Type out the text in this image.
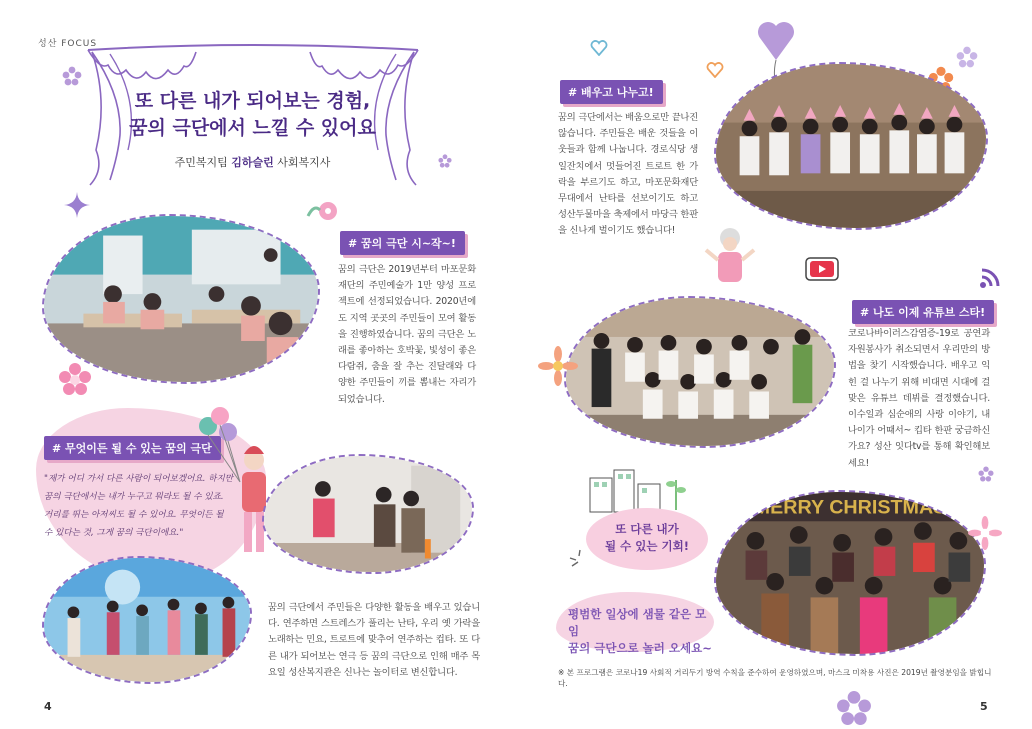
성산 FOCUS
또 다른 내가 되어보는 경험,
꿈의 극단에서 느낄 수 있어요
주민복지팀 김하슬린 사회복지사
# 꿈의 극단 시~작~!
꿈의 극단은 2019년부터 마포문화재단의 주민예술가 1만 양성 프로젝트에 선정되었습니다. 2020년에도 지역 곳곳의 주민들이 모여 활동을 진행하였습니다. 꿈의 극단은 노래를 좋아하는 호박꽃, 빛성이 좋은 다람쥐, 춤을 잘 추는 진달래와 다양한 주민들이 끼를 뽐내는 자리가 되었습니다.
# 무엇이든 될 수 있는 꿈의 극단
"제가 어디 가서 다른 사람이 되어보겠어요. 하지만 꿈의 극단에서는 내가 누구고 뭐라도 될 수 있죠. 거리를 뛰는 아저씨도 될 수 있어요. 무엇이든 될 수 있다는 것, 그게 꿈의 극단이에요."
꿈의 극단에서 주민들은 다양한 활동을 배우고 있습니다. 연주하면 스트레스가 풀리는 난타, 우리 옛 가락을 노래하는 민요, 트로트에 맞추어 연주하는 컵타. 또 다른 내가 되어보는 연극 등 꿈의 극단으로 인해 매주 목요일 성산복지관은 신나는 놀이터로 변신합니다.
4
# 배우고 나누고!
꿈의 극단에서는 배움으로만 끝나진 않습니다. 주민들은 배운 것들을 이웃들과 함께 나눕니다. 경로식당 생일잔치에서 멋들어진 트로트 한 가락을 부르기도 하고, 마포문화재단 무대에서 난타를 선보이기도 하고 성산두물마을 축제에서 마당극 한판을 신나게 벌이기도 했습니다!
# 나도 이제 유튜브 스타!
코로나바이러스감염증-19로 공연과 자원봉사가 취소되면서 우리만의 방법을 찾기 시작했습니다. 배우고 익힌 걸 나누기 위해 비대면 시대에 걸맞은 유튜브 데뷔를 결정했습니다. 이수일과 심순애의 사랑 이야기, 내 나이가 어때서~ 킵타 한판 궁금하신가요? 성산 잇다tv를 통해 확인해보세요!
또 다른 내가
될 수 있는 기회!
MERRY CHRISTMAS
평범한 일상에 샘물 같은 모임
꿈의 극단으로 놀러 오세요~
※ 본 프로그램은 코로나19 사회적 거리두기 방역 수칙을 준수하여 운영하였으며, 마스크 미착용 사진은 2019년 촬영분임을 밝힙니다.
5
